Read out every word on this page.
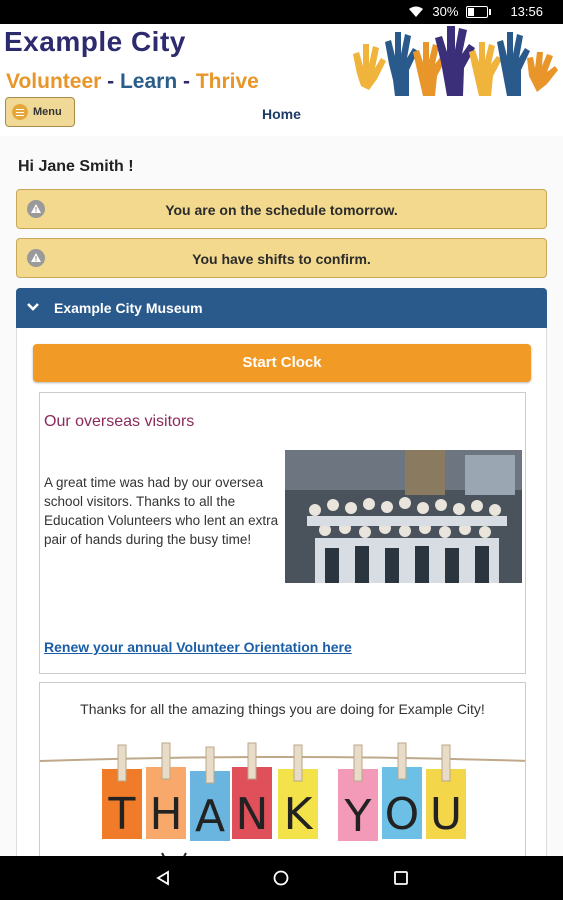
30%	13:56
Example City
Volunteer - Learn - Thrive
Menu	Home
Hi Jane Smith !
You are on the schedule tomorrow.
You have shifts to confirm.
Example City Museum
Start Clock
Our overseas visitors
A great time was had by our oversea school visitors. Thanks to all the Education Volunteers who lent an extra pair of hands during the busy time!
Renew your annual Volunteer Orientation here
Thanks for all the amazing things you are doing for Example City!
T H A N K Y O U
